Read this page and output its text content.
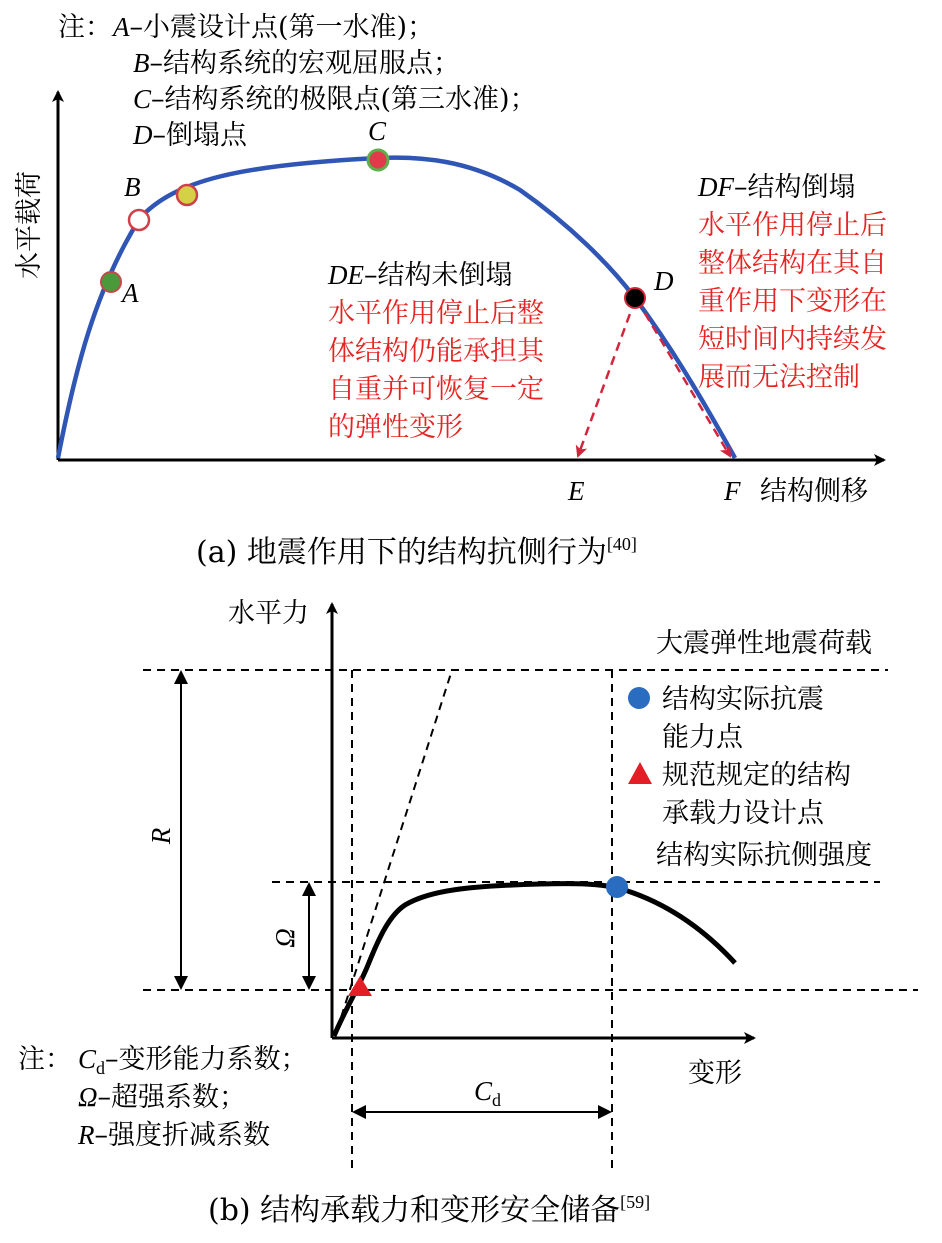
注： A–小震设计点(第一水准)；
B–结构系统的宏观屈服点；
C–结构系统的极限点(第三水准)；
D–倒塌点
水平载荷
A
B
C
D
E	F 结构侧移
DE–结构未倒塌
水平作用停止后整
体结构仍能承担其
自重并可恢复一定
的弹性变形
DF–结构倒塌
水平作用停止后
整体结构在其自
重作用下变形在
短时间内持续发
展而无法控制
(a) 地震作用下的结构抗侧行为[40]
水平力
变形
R
Ω
$C_d$
大震弹性地震荷载
结构实际抗震
能力点
规范规定的结构
承载力设计点
结构实际抗侧强度
注： $C_d-$变形能力系数；
Ω–超强系数；
R–强度折减系数
(b) 结构承载力和变形安全储备[59]
